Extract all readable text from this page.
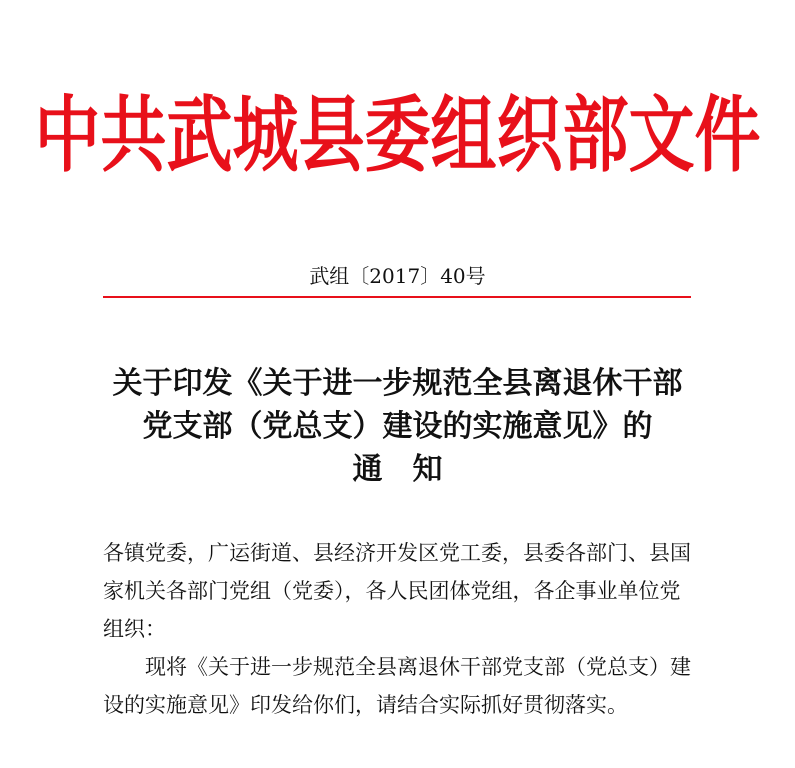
中共武城县委组织部文件
武组〔2017〕40号
关于印发《关于进一步规范全县离退休干部
党支部（党总支）建设的实施意见》的
通　知

各镇党委，广运街道、县经济开发区党工委，县委各部门、县国
家机关各部门党组（党委），各人民团体党组，各企事业单位党
组织：

现将《关于进一步规范全县离退休干部党支部（党总支）建
设的实施意见》印发给你们，请结合实际抓好贯彻落实。
